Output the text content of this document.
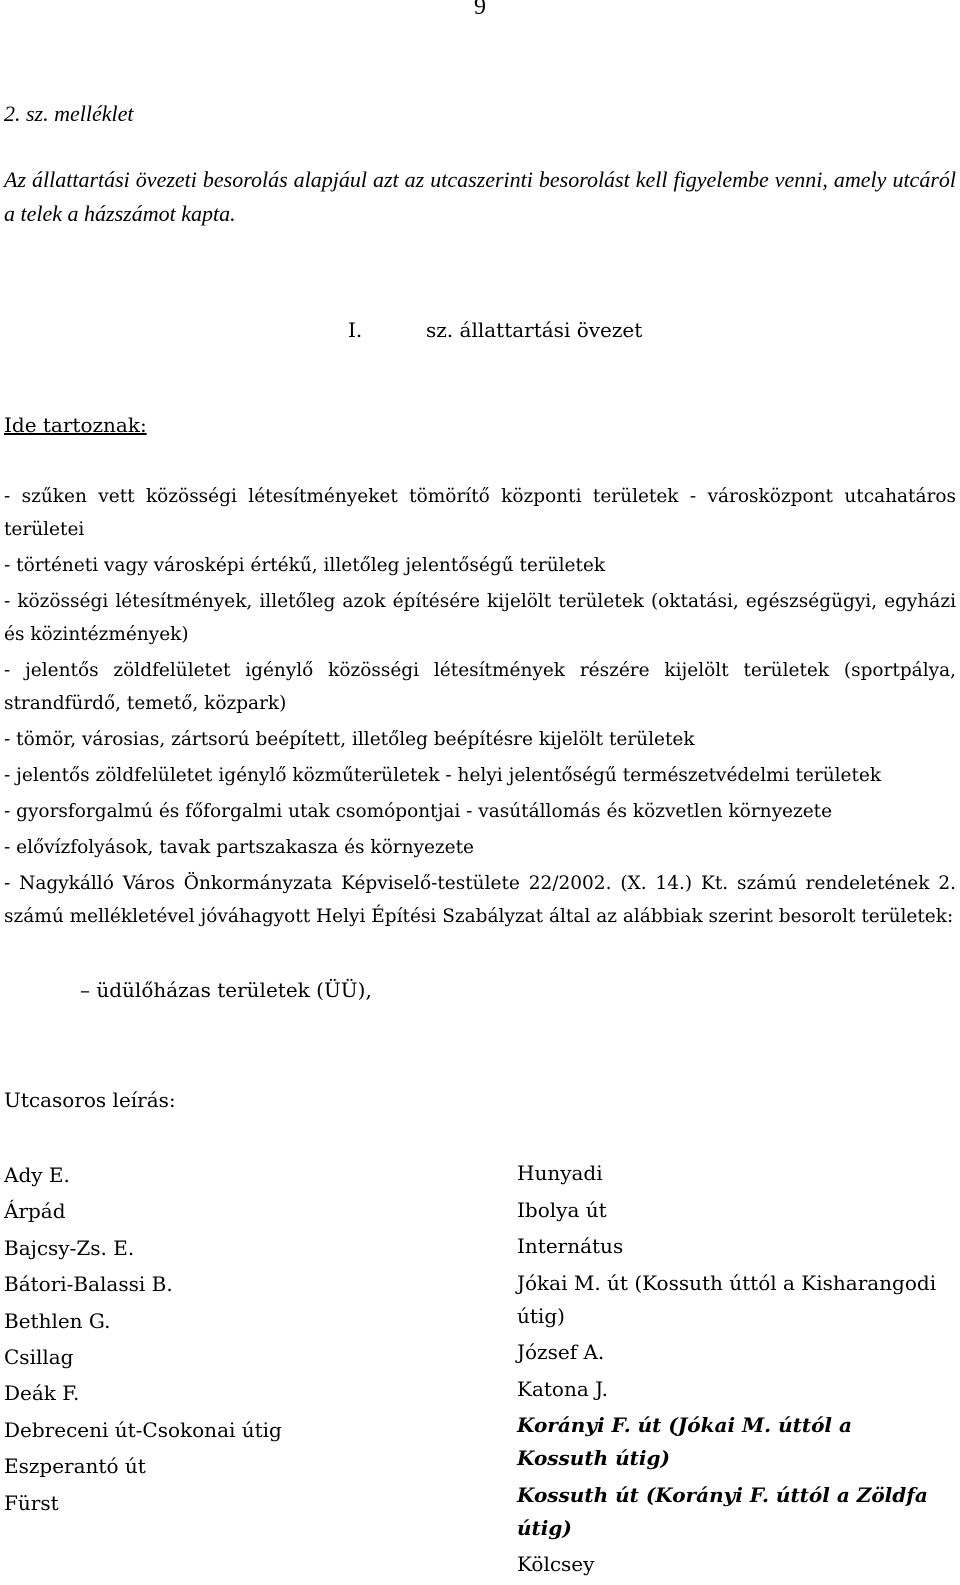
9
2. sz. melléklet
Az állattartási övezeti besorolás alapjául azt az utcaszerinti besorolást kell figyelembe venni, amely utcáról a telek a házszámot kapta.
I.	sz. állattartási övezet
Ide tartoznak:

- szűken vett közösségi létesítményeket tömörítő központi területek - városközpont utcahatáros területei

- történeti vagy városképi értékű, illetőleg jelentőségű területek

- közösségi létesítmények, illetőleg azok építésére kijelölt területek (oktatási, egészségügyi, egyházi és közintézmények)

- jelentős zöldfelületet igénylő közösségi létesítmények részére kijelölt területek (sportpálya, strandfürdő, temető, közpark)

- tömör, városias, zártsorú beépített, illetőleg beépítésre kijelölt területek

- jelentős zöldfelületet igénylő közműterületek - helyi jelentőségű természetvédelmi területek

- gyorsforgalmú és főforgalmi utak csomópontjai - vasútállomás és közvetlen környezete

- elővízfolyások, tavak partszakasza és környezete

- Nagykálló Város Önkormányzata Képviselő-testülete 22/2002. (X. 14.) Kt. számú rendeletének 2. számú mellékletével jóváhagyott Helyi Építési Szabályzat által az alábbiak szerint besorolt területek:

– üdülőházas területek (ÜÜ),
Utcasoros leírás:
Ady E.
Árpád
Bajcsy-Zs. E.
Bátori-Balassi B.
Bethlen G.
Csillag
Deák F.
Debreceni út-Csokonai útig
Eszperantó út
Fürst
Hunyadi
Ibolya út
Internátus
Jókai M. út (Kossuth úttól a Kisharangodi útig)
József A.
Katona J.
Korányi F. út (Jókai M. úttól a Kossuth útig)
Kossuth út (Korányi F. úttól a Zöldfa útig)
Kölcsey
